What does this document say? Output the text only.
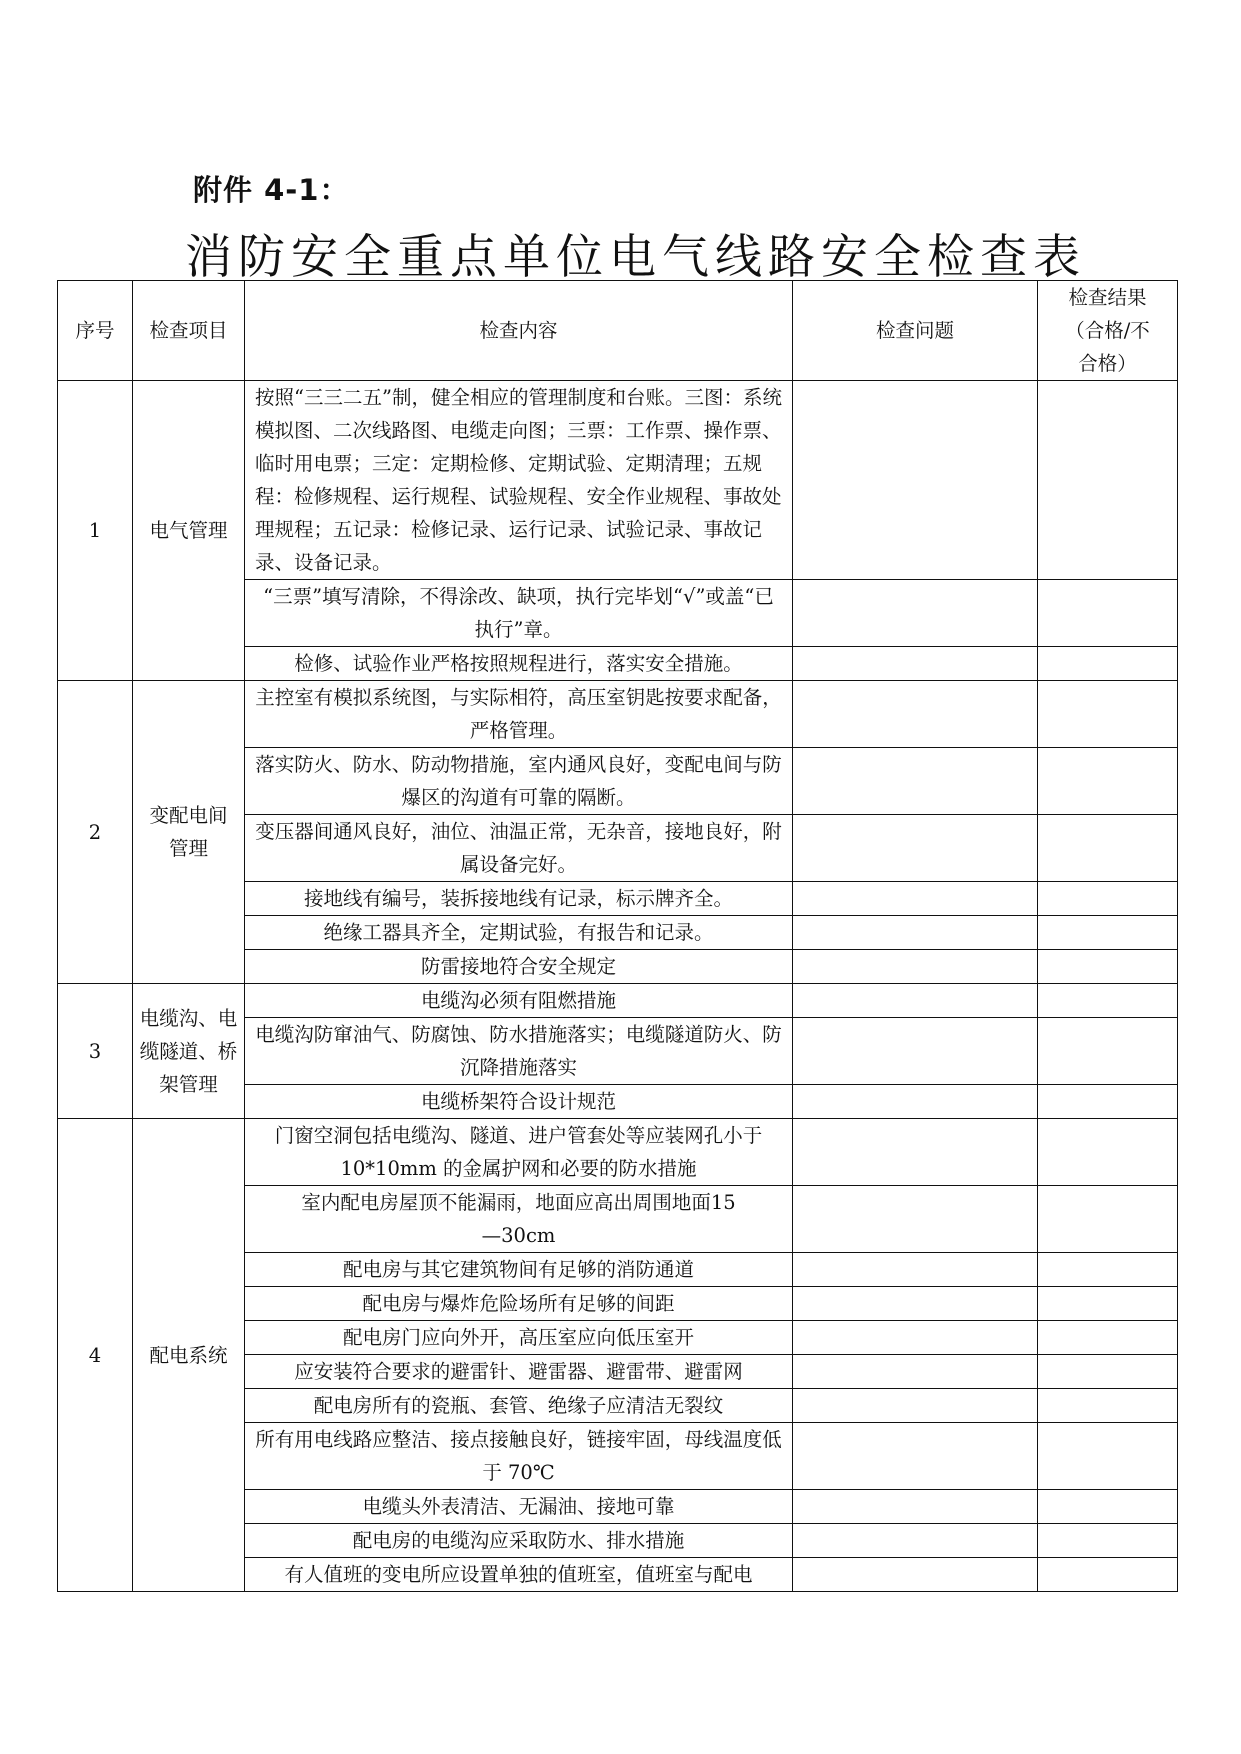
附件 4-1：
消防安全重点单位电气线路安全检查表
序号	检查项目	检查内容	检查问题	检查结果（合格/不合格）
1	电气管理	按照“三三二五”制，健全相应的管理制度和台账。三图：系统模拟图、二次线路图、电缆走向图；三票：工作票、操作票、临时用电票；三定：定期检修、定期试验、定期清理；五规程：检修规程、运行规程、试验规程、安全作业规程、事故处理规程；五记录：检修记录、运行记录、试验记录、事故记录、设备记录。		
		“三票”填写清除，不得涂改、缺项，执行完毕划“√”或盖“已执行”章。		
		检修、试验作业严格按照规程进行，落实安全措施。		
2	变配电间管理	主控室有模拟系统图，与实际相符，高压室钥匙按要求配备，严格管理。		
		落实防火、防水、防动物措施，室内通风良好，变配电间与防爆区的沟道有可靠的隔断。		
		变压器间通风良好，油位、油温正常，无杂音，接地良好，附属设备完好。		
		接地线有编号，装拆接地线有记录，标示牌齐全。		
		绝缘工器具齐全，定期试验，有报告和记录。		
		防雷接地符合安全规定		
3	电缆沟、电缆隧道、桥架管理	电缆沟必须有阻燃措施		
		电缆沟防窜油气、防腐蚀、防水措施落实；电缆隧道防火、防沉降措施落实		
		电缆桥架符合设计规范		
4	配电系统	门窗空洞包括电缆沟、隧道、进户管套处等应装网孔小于 10*10mm 的金属护网和必要的防水措施		
		室内配电房屋顶不能漏雨，地面应高出周围地面15—30cm		
		配电房与其它建筑物间有足够的消防通道		
		配电房与爆炸危险场所有足够的间距		
		配电房门应向外开，高压室应向低压室开		
		应安装符合要求的避雷针、避雷器、避雷带、避雷网		
		配电房所有的瓷瓶、套管、绝缘子应清洁无裂纹		
		所有用电线路应整洁、接点接触良好，链接牢固，母线温度低于 70℃		
		电缆头外表清洁、无漏油、接地可靠		
		配电房的电缆沟应采取防水、排水措施		
		有人值班的变电所应设置单独的值班室，值班室与配电		
